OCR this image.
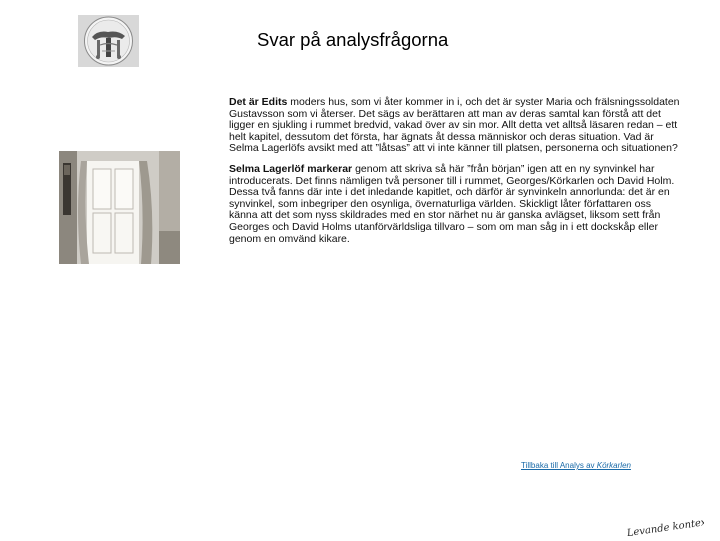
Svar på analysfrågorna

Det är Edits moders hus, som vi åter kommer in i, och det är syster Maria och frälsningssoldaten Gustavsson som vi återser. Det sägs av berättaren att man av deras samtal kan förstå att det ligger en sjukling i rummet bredvid, vakad över av sin mor. Allt detta vet alltså läsaren redan – ett helt kapitel, dessutom det första, har ägnats åt dessa människor och deras situation. Vad är Selma Lagerlöfs avsikt med att ”låtsas” att vi inte känner till platsen, personerna och situationen?

Selma Lagerlöf markerar genom att skriva så här ”från början” igen att en ny synvinkel har introducerats. Det finns nämligen två personer till i rummet, Georges/Körkarlen och David Holm. Dessa två fanns där inte i det inledande kapitlet, och därför är synvinkeln annorlunda: det är en synvinkel, som inbegriper den osynliga, övernaturliga världen. Skickligt låter författaren oss känna att det som nyss skildrades med en stor närhet nu är ganska avlägset, liksom sett från Georges och David Holms utanförvärldsliga tillvaro – som om man såg in i ett dockskåp eller genom en omvänd kikare.

Tillbaka till Analys av Körkarlen
Levande kontext
